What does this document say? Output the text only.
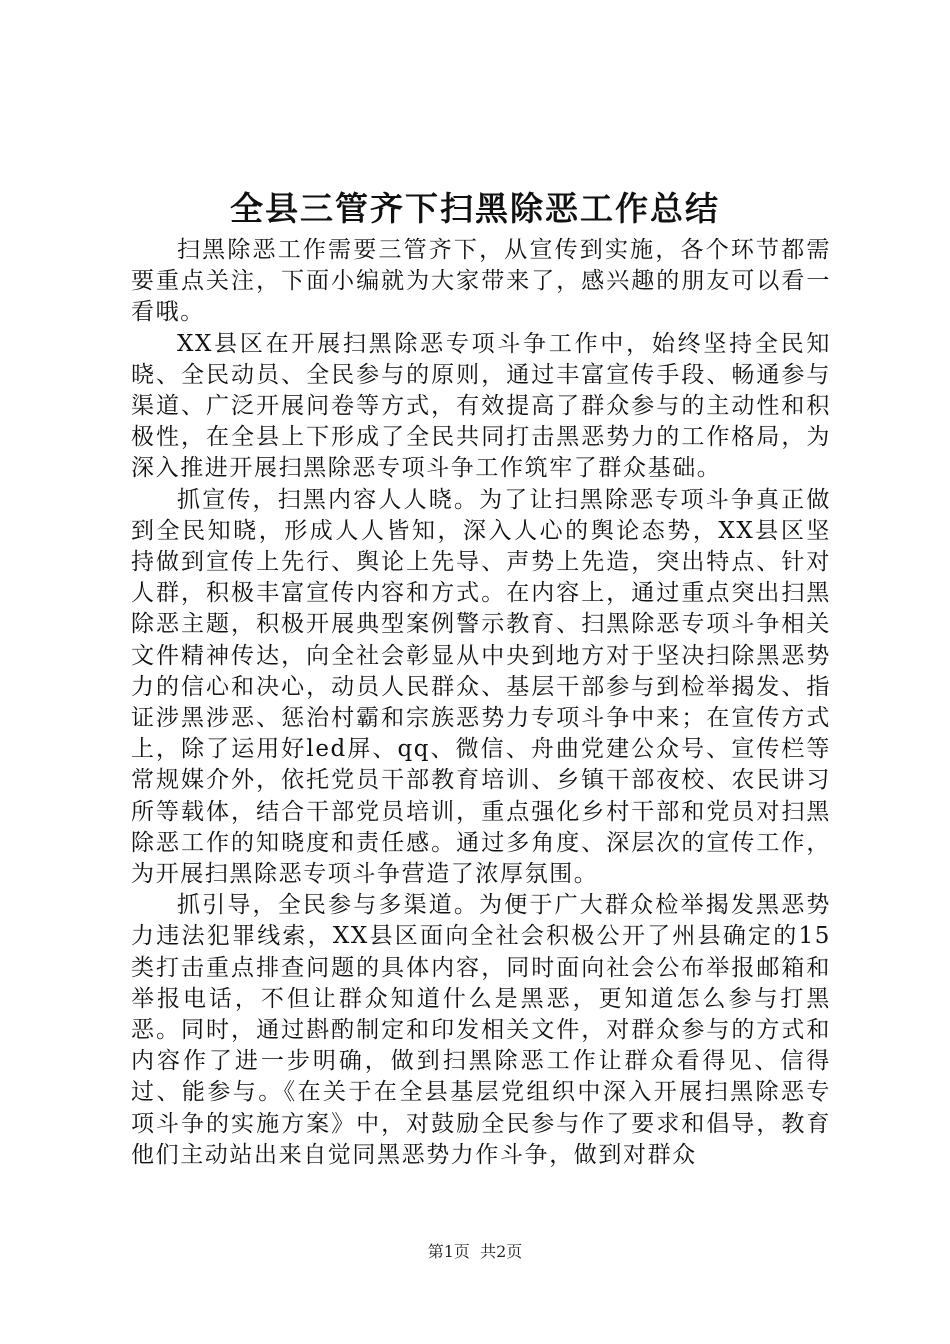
全县三管齐下扫黑除恶工作总结

扫黑除恶工作需要三管齐下，从宣传到实施，各个环节都需要重点关注，下面小编就为大家带来了，感兴趣的朋友可以看一看哦。

XX县区在开展扫黑除恶专项斗争工作中，始终坚持全民知晓、全民动员、全民参与的原则，通过丰富宣传手段、畅通参与渠道、广泛开展问卷等方式，有效提高了群众参与的主动性和积极性，在全县上下形成了全民共同打击黑恶势力的工作格局，为深入推进开展扫黑除恶专项斗争工作筑牢了群众基础。

抓宣传，扫黑内容人人晓。为了让扫黑除恶专项斗争真正做到全民知晓，形成人人皆知，深入人心的舆论态势，XX县区坚持做到宣传上先行、舆论上先导、声势上先造，突出特点、针对人群，积极丰富宣传内容和方式。在内容上，通过重点突出扫黑除恶主题，积极开展典型案例警示教育、扫黑除恶专项斗争相关文件精神传达，向全社会彰显从中央到地方对于坚决扫除黑恶势力的信心和决心，动员人民群众、基层干部参与到检举揭发、指证涉黑涉恶、惩治村霸和宗族恶势力专项斗争中来；在宣传方式上，除了运用好led屏、qq、微信、舟曲党建公众号、宣传栏等常规媒介外，依托党员干部教育培训、乡镇干部夜校、农民讲习所等载体，结合干部党员培训，重点强化乡村干部和党员对扫黑除恶工作的知晓度和责任感。通过多角度、深层次的宣传工作，为开展扫黑除恶专项斗争营造了浓厚氛围。

抓引导，全民参与多渠道。为便于广大群众检举揭发黑恶势力违法犯罪线索，XX县区面向全社会积极公开了州县确定的15类打击重点排查问题的具体内容，同时面向社会公布举报邮箱和举报电话，不但让群众知道什么是黑恶，更知道怎么参与打黑恶。同时，通过斟酌制定和印发相关文件，对群众参与的方式和内容作了进一步明确，做到扫黑除恶工作让群众看得见、信得过、能参与。《在关于在全县基层党组织中深入开展扫黑除恶专项斗争的实施方案》中，对鼓励全民参与作了要求和倡导，教育他们主动站出来自觉同黑恶势力作斗争，做到对群众

第1页 共2页
